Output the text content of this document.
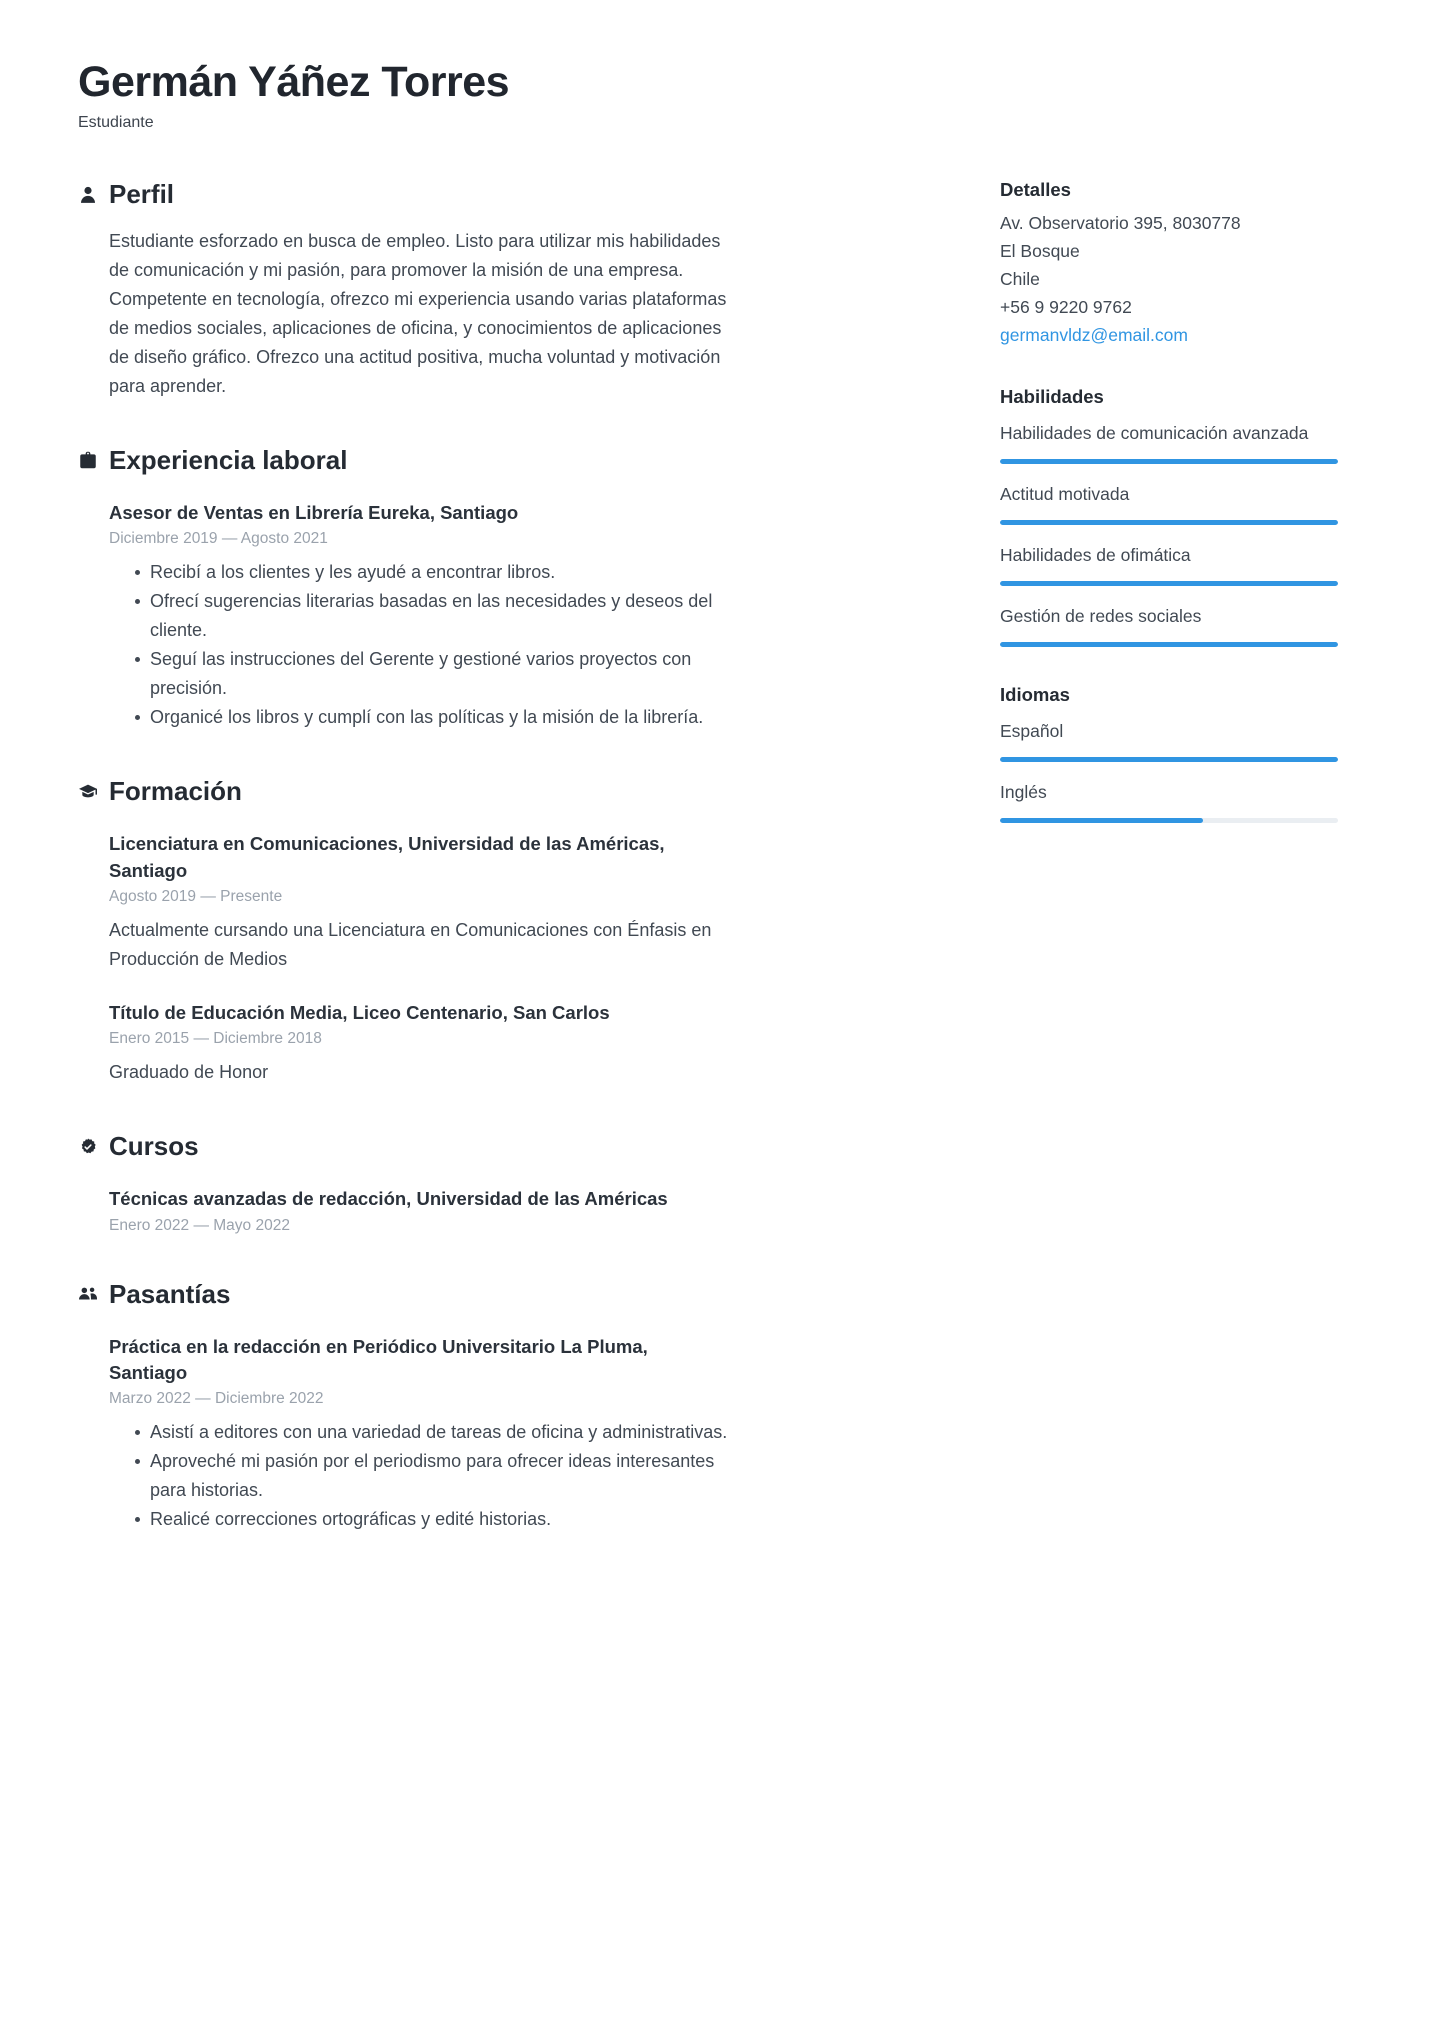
Germán Yáñez Torres
Estudiante
Perfil

Estudiante esforzado en busca de empleo. Listo para utilizar mis habilidades de comunicación y mi pasión, para promover la misión de una empresa. Competente en tecnología, ofrezco mi experiencia usando varias plataformas de medios sociales, aplicaciones de oficina, y conocimientos de aplicaciones de diseño gráfico. Ofrezco una actitud positiva, mucha voluntad y motivación para aprender.

Experiencia laboral
Asesor de Ventas en Librería Eureka, Santiago
Diciembre 2019 — Agosto 2021
Recibí a los clientes y les ayudé a encontrar libros.
Ofrecí sugerencias literarias basadas en las necesidades y deseos del cliente.
Seguí las instrucciones del Gerente y gestioné varios proyectos con precisión.
Organicé los libros y cumplí con las políticas y la misión de la librería.
Formación
Licenciatura en Comunicaciones, Universidad de las Américas, Santiago
Agosto 2019 — Presente
Actualmente cursando una Licenciatura en Comunicaciones con Énfasis en Producción de Medios
Título de Educación Media, Liceo Centenario, San Carlos
Enero 2015 — Diciembre 2018
Graduado de Honor
Cursos
Técnicas avanzadas de redacción, Universidad de las Américas
Enero 2022 — Mayo 2022
Pasantías
Práctica en la redacción en Periódico Universitario La Pluma, Santiago
Marzo 2022 — Diciembre 2022
Asistí a editores con una variedad de tareas de oficina y administrativas.
Aproveché mi pasión por el periodismo para ofrecer ideas interesantes para historias.
Realicé correcciones ortográficas y edité historias.
Detalles
Av. Observatorio 395, 8030778
El Bosque
Chile
+56 9 9220 9762
germanvldz@email.com
Habilidades
Habilidades de comunicación avanzada
Actitud motivada
Habilidades de ofimática
Gestión de redes sociales
Idiomas
Español
Inglés
